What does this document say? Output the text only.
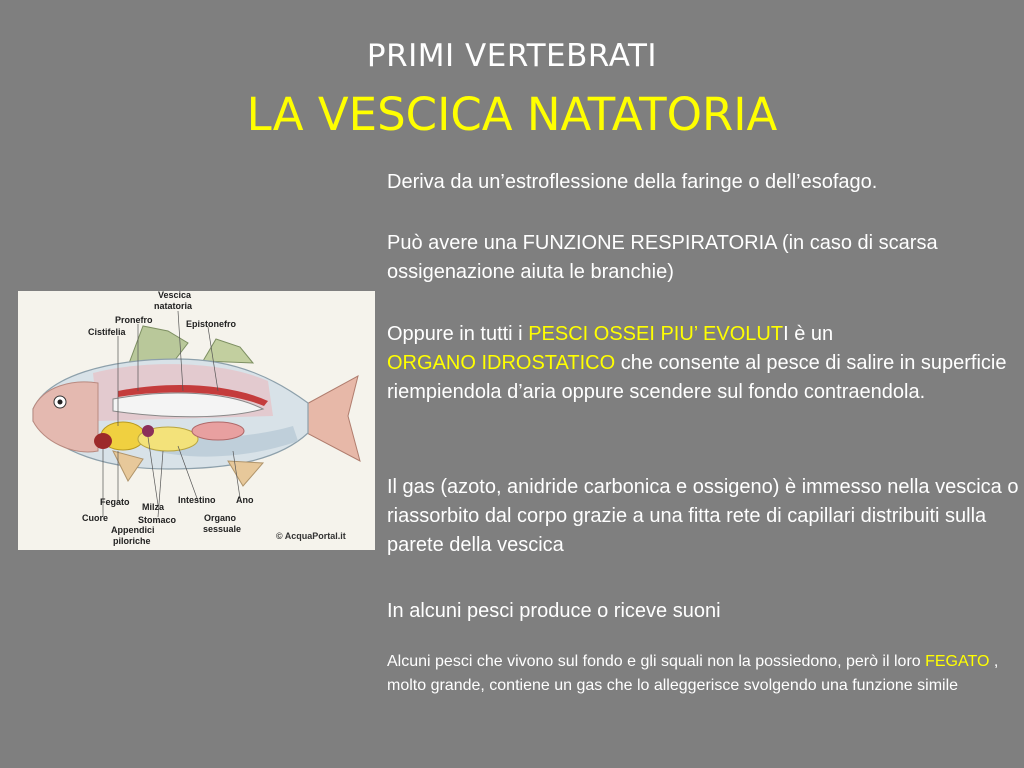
PRIMI VERTEBRATI
LA VESCICA NATATORIA
Vescica
natatoria
Pronefro	Epistonefro
Cistifelia
Fegato Milza
Intestino Ano
Cuore	Stomaco	Organo
sessuale
Appendici
piloriche	© AcquaPortal.it
Deriva da un’estroflessione della faringe o dell’esofago.
Può avere una FUNZIONE RESPIRATORIA (in caso di scarsa ossigenazione aiuta le branchie)
Oppure in tutti i PESCI OSSEI PIU’ EVOLUTI è un
ORGANO IDROSTATICO che consente al pesce di salire in superficie riempiendola d’aria oppure scendere sul fondo contraendola.
Il gas (azoto, anidride carbonica e ossigeno) è immesso nella vescica o riassorbito dal corpo grazie a una fitta rete di capillari distribuiti sulla parete della vescica
In alcuni pesci produce o riceve suoni
Alcuni pesci che vivono sul fondo e gli squali non la possiedono, però il loro FEGATO , molto grande, contiene un gas che lo alleggerisce svolgendo una funzione simile
